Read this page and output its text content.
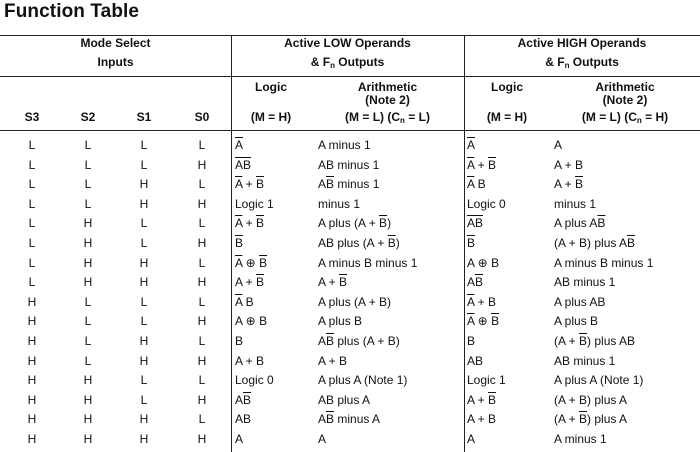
Function Table
Mode Select
Inputs
Active LOW Operands
& $F_n$ Outputs
Active HIGH Operands
& $F_n$ Outputs
Logic
(M = H)
Arithmetic
(Note 2)
(M = L) $(C_n = L)$
Logic
(M = H)
Arithmetic
(Note 2)
(M = L) $(C_n = H)$
S3	S2	S1	S0
L	L	L	L	$\overline{A}$	A minus 1	$\overline{A}$	A
L	L	L	H	$\overline{AB}$	AB minus 1	$\overline{A} + \overline{B}$	A + B
L	L	H	L	$\overline{A} + \overline{B}$	$A\overline{B}$ minus 1	$\overline{A}$ B	$A + \overline{B}$
L	L	H	H	Logic 1	minus 1	Logic 0	minus 1
L	H	L	L	$\overline{A} + \overline{B}$	A plus $(A + \overline{B})$	$\overline{AB}$	A plus $A\overline{B}$
L	H	L	H	$\overline{B}$	AB plus $(A + \overline{B})$	$\overline{B}$	(A + B) plus $A\overline{B}$
L	H	H	L	$\overline{A}$ ⊕ $\overline{B}$	A minus B minus 1	A ⊕ B	A minus B minus 1
L	H	H	H	$A + \overline{B}$	$A + \overline{B}$	$A\overline{B}$	AB minus 1
H	L	L	L	$\overline{A}$ B	A plus (A + B)	$\overline{A} + B$	A plus AB
H	L	L	H	A ⊕ B	A plus B	$\overline{A}$ ⊕ $\overline{B}$	A plus B
H	L	H	L	B	$A\overline{B}$ plus (A + B)	B	$(A + \overline{B})$ plus AB
H	L	H	H	A + B	A + B	AB	AB minus 1
H	H	L	L	Logic 0	A plus A (Note 1)	Logic 1	A plus A (Note 1)
H	H	L	H	$A\overline{B}$	AB plus A	$A + \overline{B}$	(A + B) plus A
H	H	H	L	AB	$A\overline{B}$ minus A	A + B	$(A + \overline{B})$ plus A
H	H	H	H	A	A	A	A minus 1
